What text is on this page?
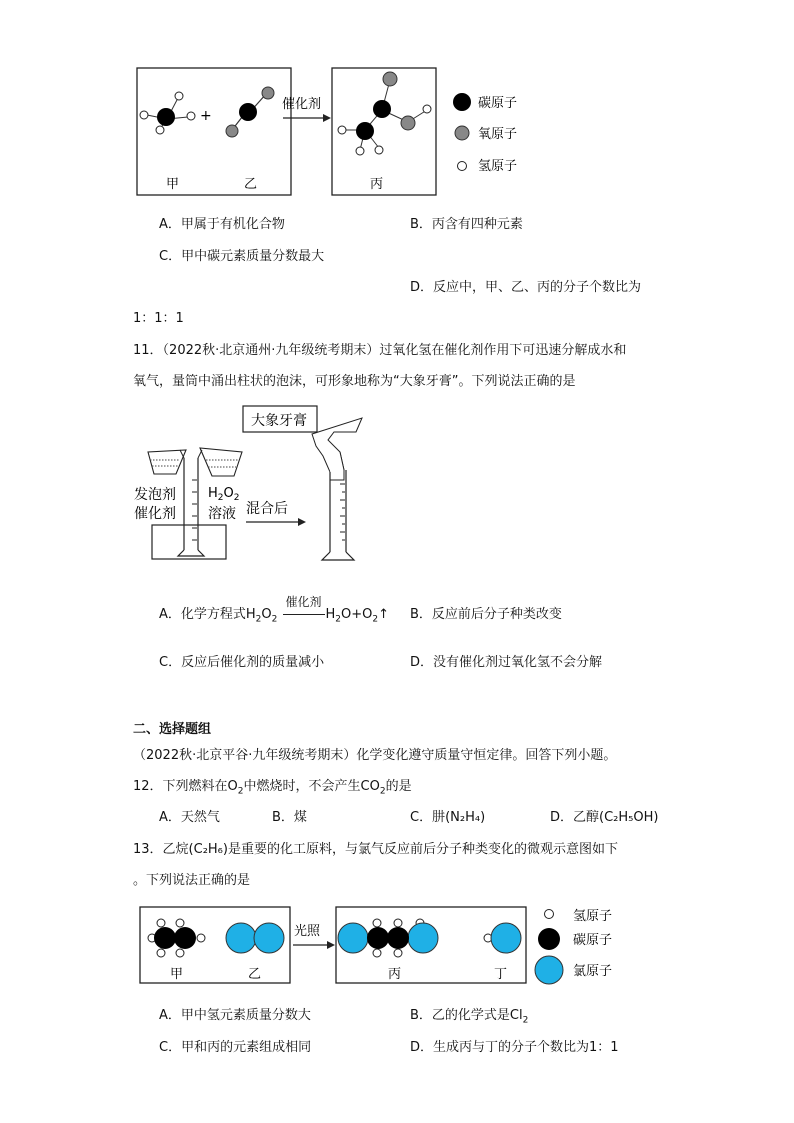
+
甲	乙
催化剂
丙
碳原子
氧原子
氢原子
A．甲属于有机化合物	B．丙含有四种元素
C．甲中碳元素质量分数最大
D．反应中，甲、乙、丙的分子个数比为
1：1：1
11．（2022秋·北京通州·九年级统考期末）过氧化氢在催化剂作用下可迅速分解成水和
氧气，量筒中涌出柱状的泡沫，可形象地称为“大象牙膏”。下列说法正确的是
大象牙膏
发泡剂
催化剂
$H_2O_2$
溶液 混合后
A．化学方程式$H_2O_2$
催化剂
$H_2O+O_2↑$ B．反应前后分子种类改变
C．反应后催化剂的质量减小	D．没有催化剂过氧化氢不会分解
二、选择题组
（2022秋·北京平谷·九年级统考期末）化学变化遵守质量守恒定律。回答下列小题。
12．下列燃料在$O_2$中燃烧时，不会产生$CO_2$的是
A．天然气	B．煤	C．肼(N₂H₄)	D．乙醇(C₂H₅OH)
13．乙烷(C₂H₆)是重要的化工原料，与氯气反应前后分子种类变化的微观示意图如下
。下列说法正确的是
甲	乙
光照
丙	丁
氢原子
碳原子
氯原子
A．甲中氢元素质量分数大	B．乙的化学式是$Cl_2$
C．甲和丙的元素组成相同	D．生成丙与丁的分子个数比为1：1
